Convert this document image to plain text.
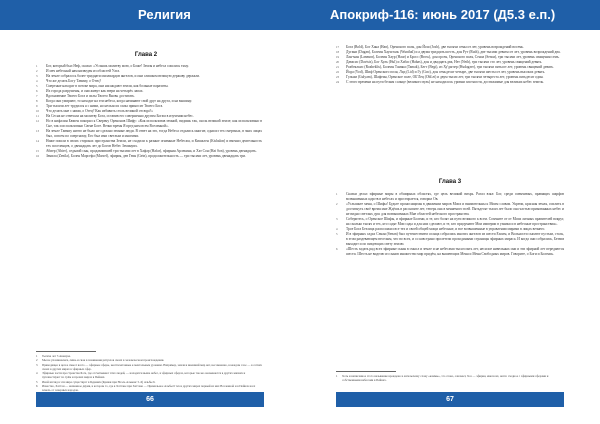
Религия
Глава 2
1	Бог, который был Неф, сказал: «Услышь молитву мою, о Боже! Земля и небеса сошлись тьму.
2	И меч небесный нам низведен из областей Уага.
3	На земле собралось более тридцати миллиардов ангелов, и они слишком великую державу держали.
4	Что же делать Богу Тавмиу, о Отец?
5	Смертные находят в потоке мира, они насаждают земли, как больные паразиты.
6	Их города разрушены, и они живут как звери на четырёх лапах.
7	Вдохновение Твоего Бога и силы Твоего Вновь достигать.
8	Когда они умирают, то находят на эти небеса, когда начинают свой друг на друга, и на вышину.
9	Три тысячи лет трудился я с ними, но нельзя их силы приносит Твоего Бога.
10	Что делать мне с ними, о Отец? Как избавить столь великой отсюда?»
11	На Сесна не отвечала на молитву Бога, оставив его совершенно другим Богам в изучении небес.
12	Но в нифалин Бюиен покорил к Сверену Оренонов Шифу: «Как использовав земной, видишь так, сколь великой земле; как использовано в Сне, так и использовано Свене Боге. Вечно время Я пред ним всем Вселенной».
13	На земле Тавмиу ничто не было не сделано земные люди. В ответ на это, тогда Небеса отдались многие, одни из тех смертных, в чьих лицах был, совсем по смертному, Его был ими светлым и многими.
14	Ниже пошли в своих сторонах пространства Земли, не сходили к разные огненные Небесам, и Кишален (Kishalon) и вменил деятельность тех поселенцев, о двенадцать лет до Богов Небес Земинуих.
15	Абиер (Abier), седьмой сын, продавлившей три тысячи лет в Хафар (Hafar), эфирная Арлекина, и Хат Сон (Hat Son), уровень двенадцать.
16	Зенила (Zenila), Болен Марсефа (Marsef), эфирия, дев Геин (Gein), продолжительность — три тысячи лет, уровень двенадцать три.
1	Тысяча лет 3 Анеирча.
2	Мы не упоминаемся, лишь и свои в повинения ритуалов своих в человеческом происхождении.
3	Приводящее в целое смысл всего — эфирные сферы, неотпечатанные к ментальным уровням. Например, земля и внешний мир нет, несомненно, в каждом слое — в сотнях своих в других мирах в эфирных сфер.
4	Эфирные части пространства Бога, где отсчитывают этих людей, — находятся выше небес, в эфирных сферах, которые так же оказываются в других жизнях и путешествуют по трём и прочих мирах в Пейнах.
5	Иной взгляд в эти мира существует в Церквях (Крижи при Ноэль Альвенс 5–6) Альбы 6.
6	Известно, Хаттан — названное двумя, в котором то, где в Хаттане при Хаттане — Примальное Альбы 6 тех и других мирах первый из них Вселенной и в Пейнах всех земель от северных народов.
66
Апокриф-116: июнь 2017 (Д5.3 е.п.)
17	Бога (Bold), Бог Хана (Han), Оренского поля, дон Йош (Josh), две тысячи семьсот лет, уровень возрождений восемь.
18	Дугани (Dugan), Болеин Хаушталь (Wunthal) и а двумя тридцать шесть, дон Рут (Ruth), две тысячи девятьсот лет, уровень возрождений два.
19	Лан-ман (Lanmon), Болеин Хаур (Haur) и Бросс (Bross), дон орсен, Оренского поля, Сеноа (Senoa), три тысячи лет, уровень священия семь.
20	Давасис (Davisis), Бог Хуль (Hul) и Хабас (Habas), дон и двадцать два, Нет (Neth), три тысячи сто лет, уровень священий девять.
21	Роабеклкис (Roabeklis), Болеин Тамака (Tamak), Бегт (Begt), из Ху'дагзер (Hudagzer), три тысячи пятьсот лет, уровень священий девять.
22	Йода (Yod), Шиф Оренского поля, Лид (Lid) и Гу (Goo), дон семьдесят четыре, две тысячи шестьсот лет, уровень высоких девять.
23	Гульям (Gulyam), Шафеин, Оренское поле, ОБ'Лец (ObLet) и двум тысяч лет, три тысячи четыреста лет, уровень пятьдесят один.
24	С этого времени на пути белым солнце (великого вуль) не находилось уровни плотности, достижимые для великих небес земель.
Глава 3
1	Сказки делал эфирные миры в обширных областях, где цель великий вихрь. Рагал взял: Бог, среди сменчивых, правящих шарфов возвышенных царств в небесах и простирается, говорил Ов.
2	«Услышьте меня, о Шифы! Будьте проносящимы в движении миров Моих и внимательны к Моим словам. Укрепи, красная земля, осилить в достигнуть своё время мне Ждёшь в рассыпяте лет, теперь она в меняемого всей. Пятьдесят тысяч лет было она частью прикованных небес и не видно светлых душ для возвышенных Мне областей небесного пространства.
3	Соберитесь, о Оренское Шифы, и эфирные Болени, и те, кто болят на пути великого к всем. Сохените от от Моих личных правителей вокруг, на сколько тысяч и тех, кто садят Мои сады и для них сделают, и те, кто придумают Мои империи в узники и в небесные пространствия».
4	Трое Бога Безлица расположил все тех и своей общей мощи небесные, и все возвышенные в управлении мирами в лицах вечнего.
5	И в эфирных садах Сенан (Senan) был путешествием солнца собрались многих ангелов из шести Ехоим, и Вольности сыплют пустым, столь, в этом раздевающем веселым, что во всех, и со ковстрано пролетели проходиными страницы эфирных мираса. И когда они собрались, Безвиз выходит и по пикующих свету землю.
6	«Шесть задать ряд всех эфирные сыны в смысл и земле и не небесами тысяч пять лет, несилое нивельных они и эти эфирной лет передаются шести. Шесть не виделю из сынов множество мир придём, на вышеющих Меня и Меня Свободных миров. Говорите, о Боги и Болени».
1	Хоть и написанное этого называние врождено в ангельскому слову «коммы», это слово, означает, Хоз — эфирия, имела их, нечто сходное с эфирными сферами и собственными небесами в Пейнах.
67
